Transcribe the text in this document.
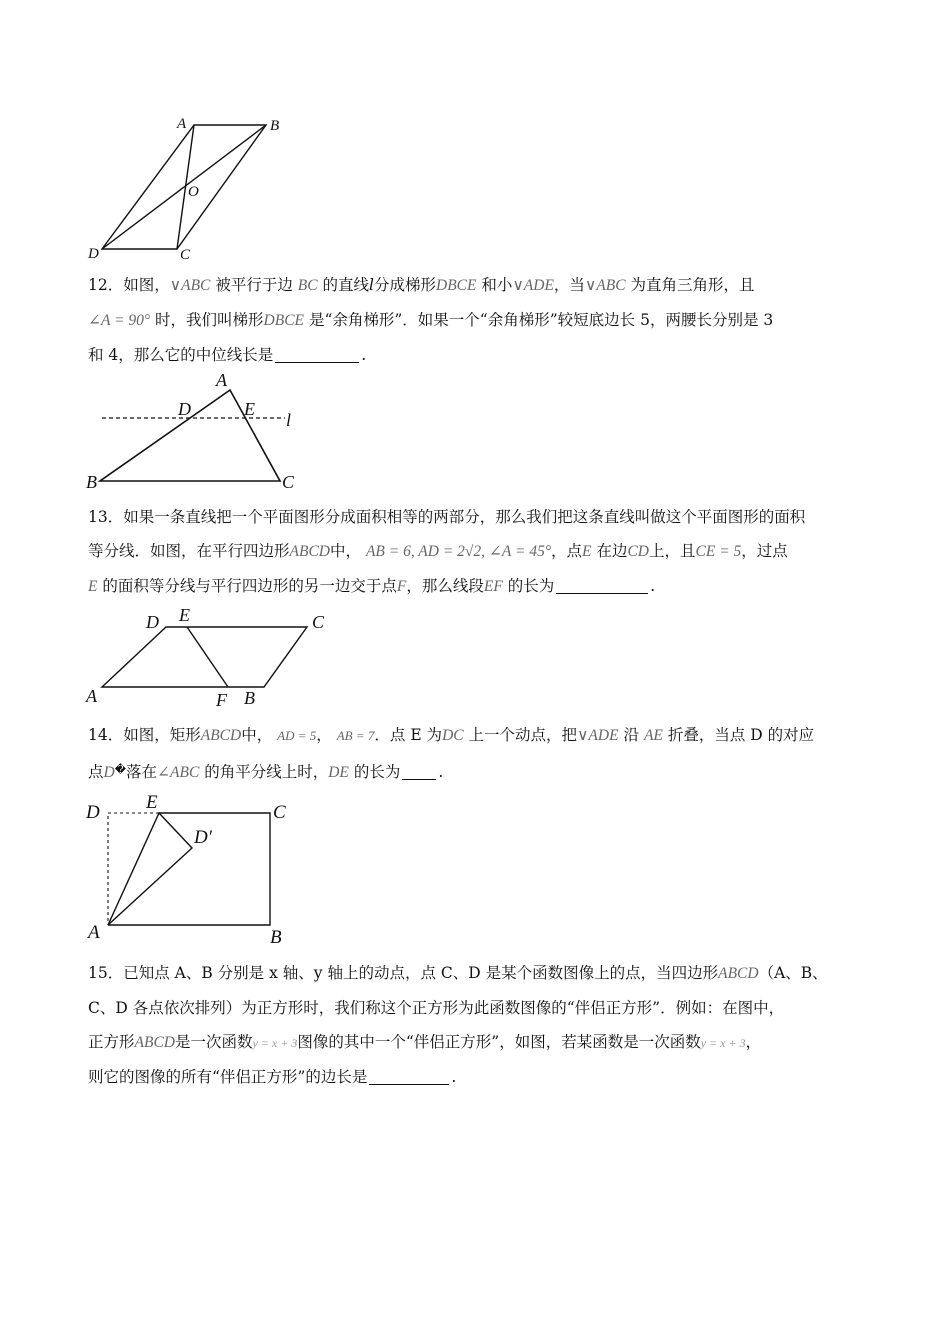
A	B
C
D
O

12．如图，∨ABC 被平行于边 BC 的直线l分成梯形DBCE 和小∨ADE，当∨ABC 为直角三角形，且

∠A = 90° 时，我们叫梯形DBCE 是“余角梯形”．如果一个“余角梯形”较短底边长 5，两腰长分别是 3

和 4，那么它的中位线长是	.

A
B	C
D	E
l

13．如果一条直线把一个平面图形分成面积相等的两部分，那么我们把这条直线叫做这个平面图形的面积

等分线．如图，在平行四边形ABCD中， AB = 6, AD = 2√2, ∠A = 45°，点E 在边CD上，且CE = 5，过点

E 的面积等分线与平行四边形的另一边交于点F，那么线段EF 的长为	.

D E	C
A	F B

14．如图，矩形ABCD中， AD = 5， AB = 7．点 E 为DC 上一个动点，把∨ADE 沿 AE 折叠，当点 D 的对应

点D�落在∠ABC 的角平分线上时，DE 的长为 .

D E	C
D′
A	B

15．已知点 A、B 分别是 x 轴、y 轴上的动点，点 C、D 是某个函数图像上的点，当四边形ABCD（A、B、

C、D 各点依次排列）为正方形时，我们称这个正方形为此函数图像的“伴侣正方形”．例如：在图中，

正方形ABCD是一次函数y = x + 3图像的其中一个“伴侣正方形”，如图，若某函数是一次函数y = x + 3，

则它的图像的所有“伴侣正方形”的边长是	.
